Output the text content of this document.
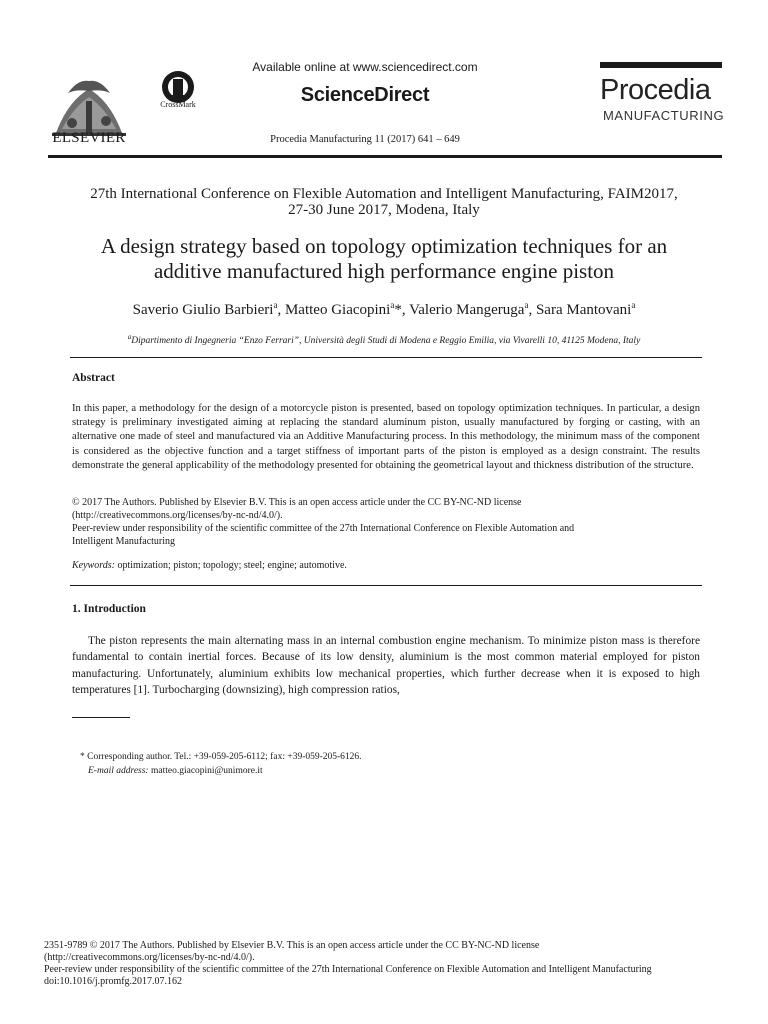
ELSEVIER
CrossMark
Available online at www.sciencedirect.com
ScienceDirect
Procedia Manufacturing 11 (2017) 641 – 649
Procedia
MANUFACTURING
27th International Conference on Flexible Automation and Intelligent Manufacturing, FAIM2017,
27-30 June 2017, Modena, Italy
A design strategy based on topology optimization techniques for an
additive manufactured high performance engine piston
Saverio Giulio Barbieri$^a$, Matteo Giacopini$^a$*, Valerio Mangeruga$^a$, Sara Mantovani$^a$
$^a$Dipartimento di Ingegneria “Enzo Ferrari”, Università degli Studi di Modena e Reggio Emilia, via Vivarelli 10, 41125 Modena, Italy
Abstract
In this paper, a methodology for the design of a motorcycle piston is presented, based on topology optimization techniques. In particular, a design strategy is preliminary investigated aiming at replacing the standard aluminum piston, usually manufactured by forging or casting, with an alternative one made of steel and manufactured via an Additive Manufacturing process. In this methodology, the minimum mass of the component is considered as the objective function and a target stiffness of important parts of the piston is employed as a design constraint. The results demonstrate the general applicability of the methodology presented for obtaining the geometrical layout and thickness distribution of the structure.
© 2017 The Authors. Published by Elsevier B.V. This is an open access article under the CC BY-NC-ND license
(http://creativecommons.org/licenses/by-nc-nd/4.0/).
Peer-review under responsibility of the scientific committee of the 27th International Conference on Flexible Automation and
Intelligent Manufacturing
Keywords: optimization; piston; topology; steel; engine; automotive.
1. Introduction
The piston represents the main alternating mass in an internal combustion engine mechanism. To minimize piston mass is therefore fundamental to contain inertial forces. Because of its low density, aluminium is the most common material employed for piston manufacturing. Unfortunately, aluminium exhibits low mechanical properties, which further decrease when it is exposed to high temperatures [1]. Turbocharging (downsizing), high compression ratios,
* Corresponding author. Tel.: +39-059-205-6112; fax: +39-059-205-6126.
E-mail address: matteo.giacopini@unimore.it
2351-9789 © 2017 The Authors. Published by Elsevier B.V. This is an open access article under the CC BY-NC-ND license
(http://creativecommons.org/licenses/by-nc-nd/4.0/).
Peer-review under responsibility of the scientific committee of the 27th International Conference on Flexible Automation and Intelligent Manufacturing
doi:10.1016/j.promfg.2017.07.162
